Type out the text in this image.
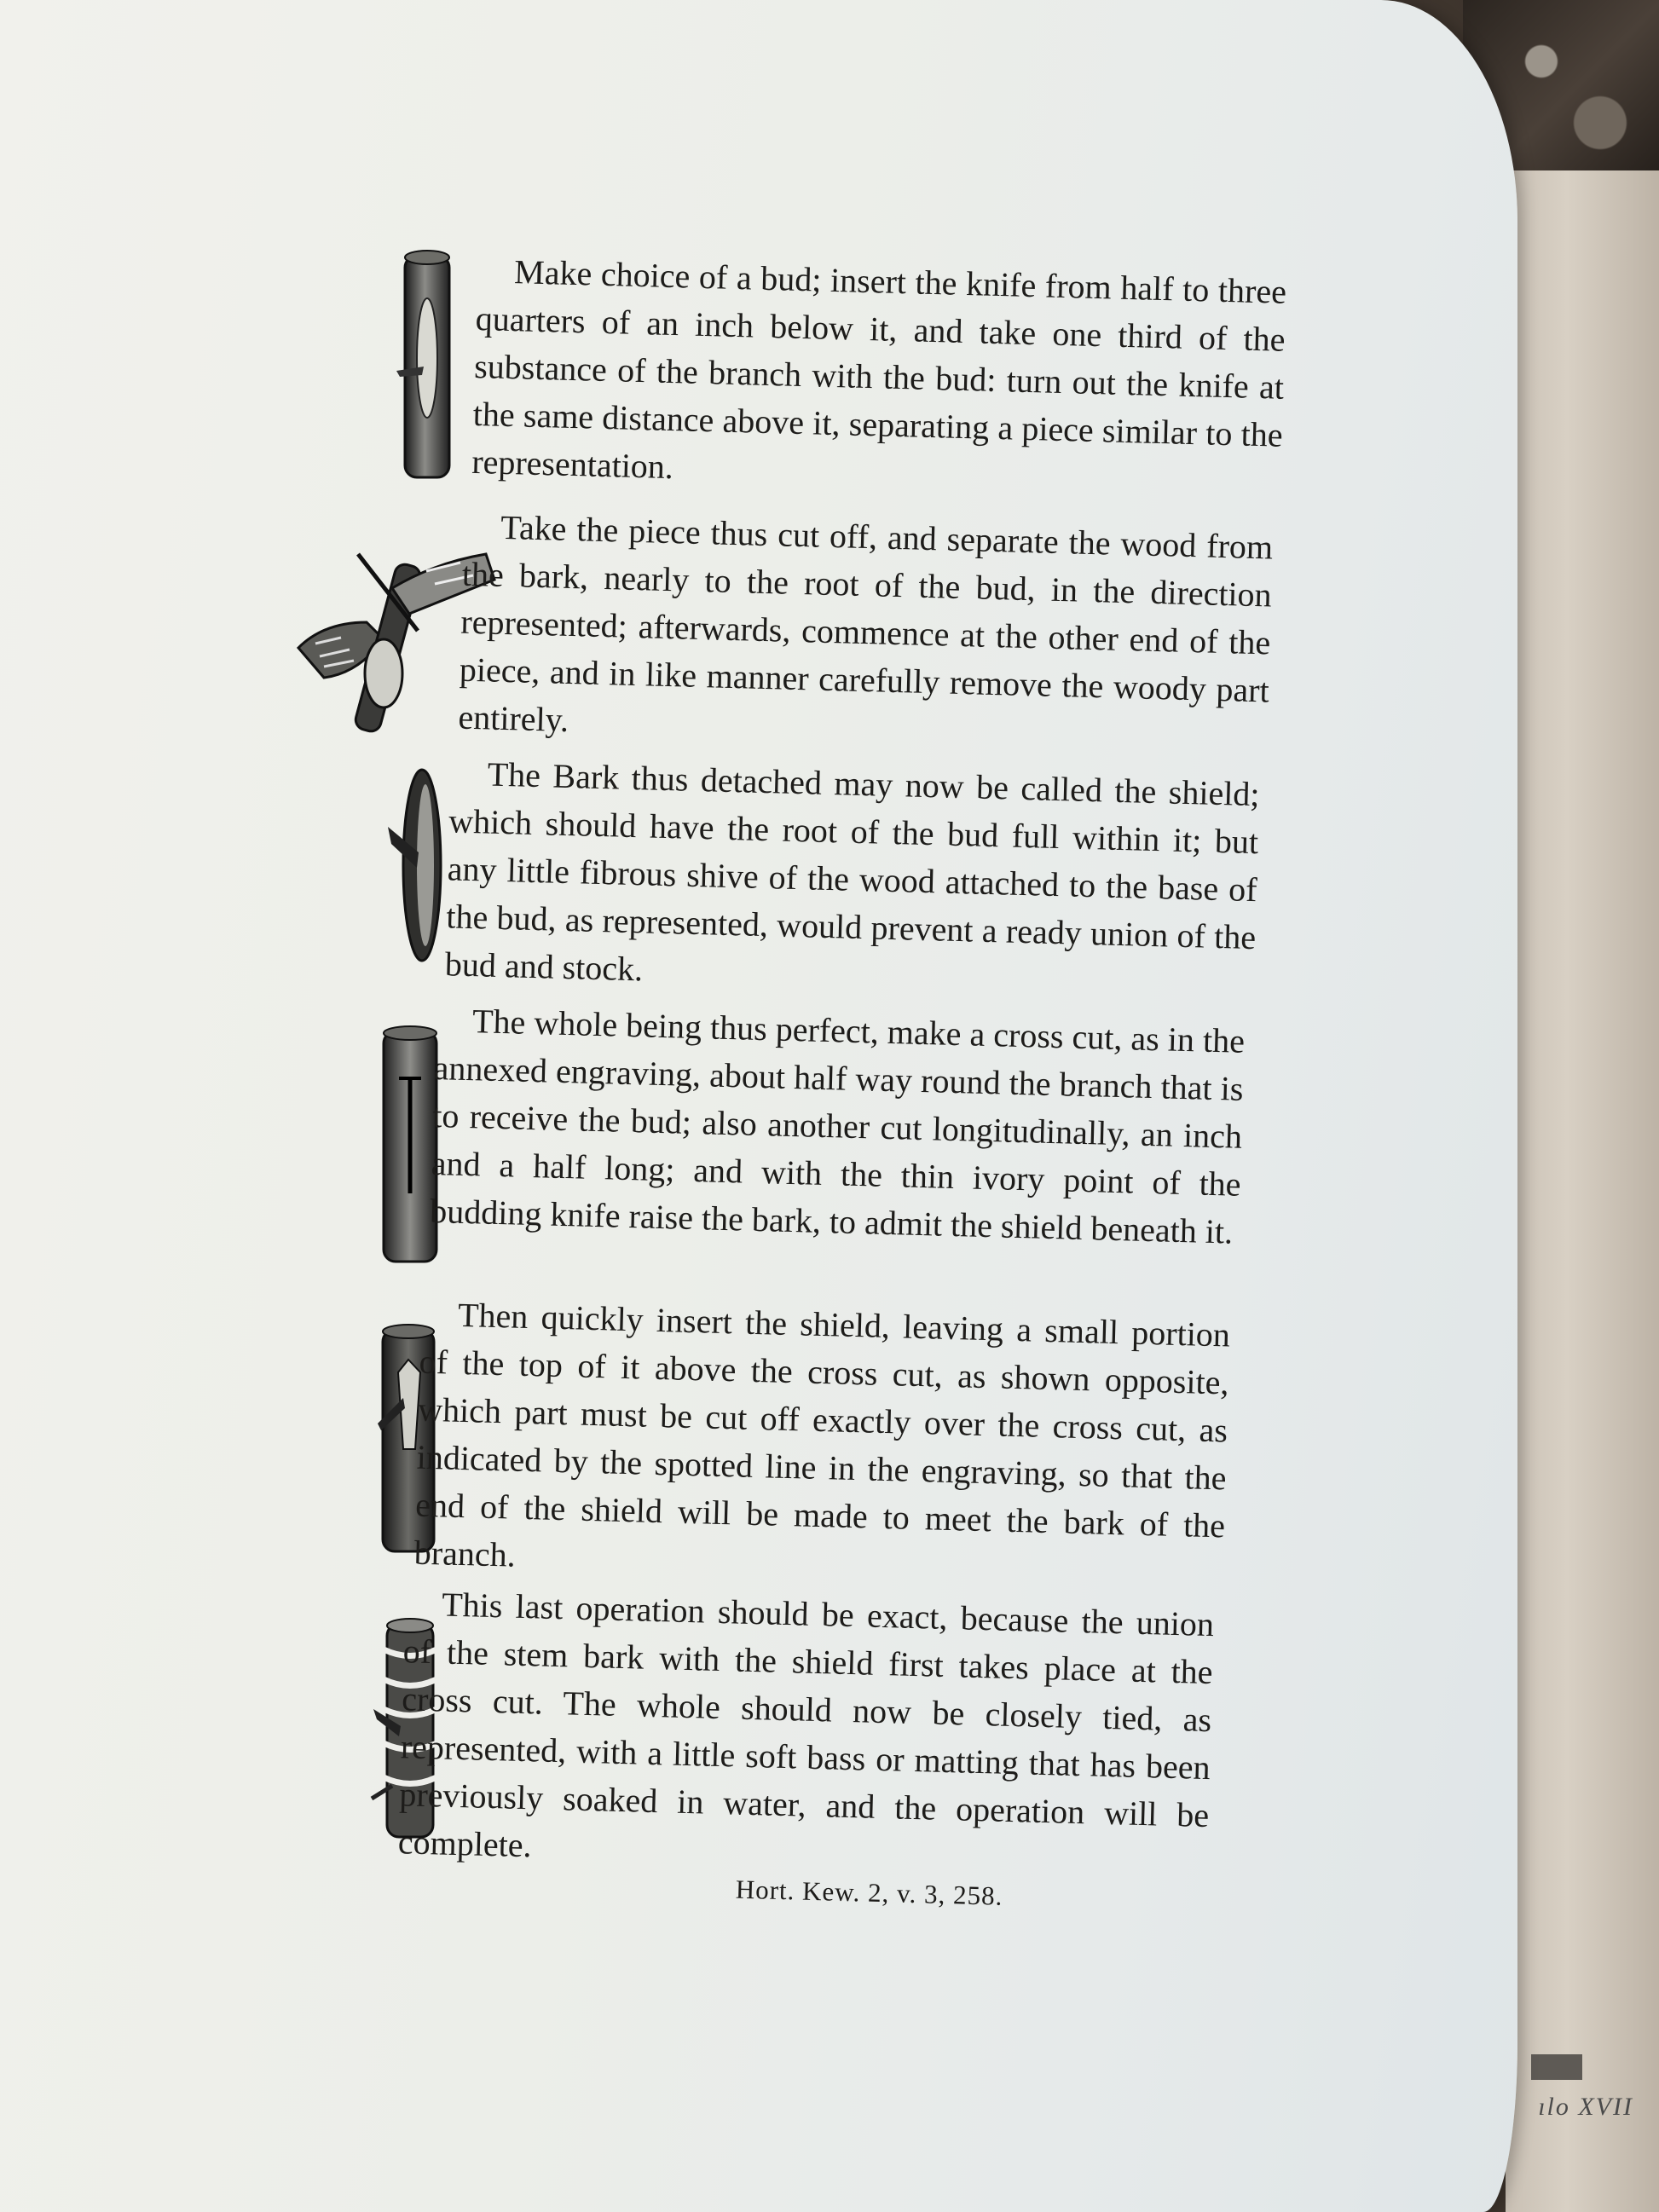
ılo XVII

Make choice of a bud; insert the knife from half to three quarters of an inch below it, and take one third of the substance of the branch with the bud: turn out the knife at the same distance above it, separating a piece similar to the representation.

Take the piece thus cut off, and separate the wood from the bark, nearly to the root of the bud, in the direction represented; afterwards, commence at the other end of the piece, and in like manner carefully remove the woody part entirely.

The Bark thus detached may now be called the shield; which should have the root of the bud full within it; but any little fibrous shive of the wood attached to the base of the bud, as represented, would prevent a ready union of the bud and stock.

The whole being thus perfect, make a cross cut, as in the annexed engraving, about half way round the branch that is to receive the bud; also another cut longitudinally, an inch and a half long; and with the thin ivory point of the budding knife raise the bark, to admit the shield beneath it.

Then quickly insert the shield, leaving a small portion of the top of it above the cross cut, as shown opposite, which part must be cut off exactly over the cross cut, as indicated by the spotted line in the engraving, so that the end of the shield will be made to meet the bark of the branch.

This last operation should be exact, because the union of the stem bark with the shield first takes place at the cross cut. The whole should now be closely tied, as represented, with a little soft bass or matting that has been previously soaked in water, and the operation will be complete.

Hort. Kew. 2, v. 3, 258.
